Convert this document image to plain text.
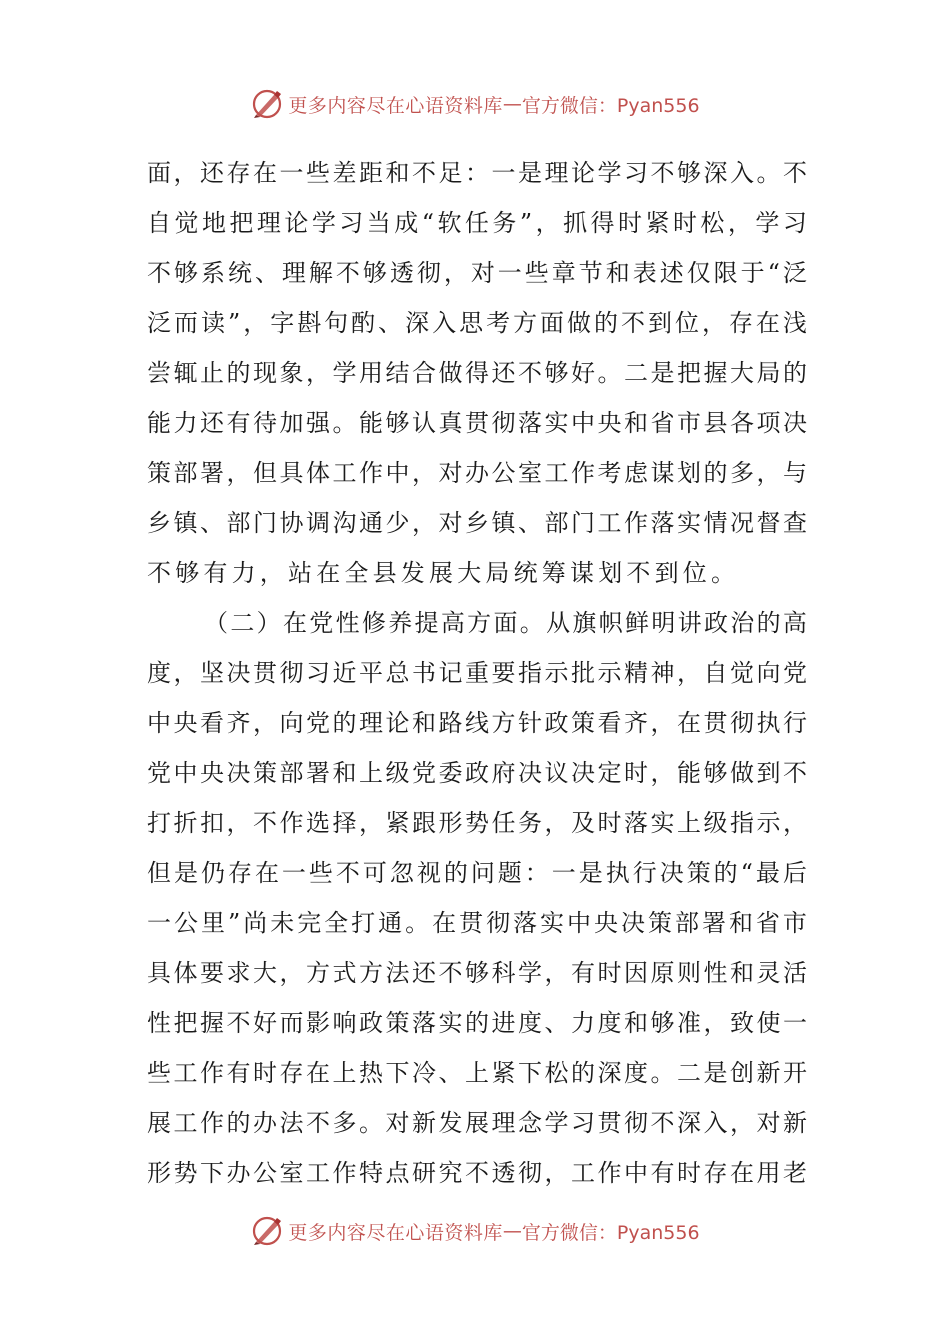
更多内容尽在心语资料库 — 官方微信：Pyan556
面 ， 还 存 在 一 些 差 距 和 不 足 ： 一 是 理 论 学 习 不 够 深 入 。 不
自 觉 地 把 理 论 学 习 当 成 “ 软 任 务 ” ， 抓 得 时 紧 时 松 ， 学 习
不 够 系 统 、 理 解 不 够 透 彻 ， 对 一 些 章 节 和 表 述 仅 限 于 “ 泛
泛 而 读 ” ， 字 斟 句 酌 、 深 入 思 考 方 面 做 的 不 到 位 ， 存 在 浅
尝 辄 止 的 现 象 ， 学 用 结 合 做 得 还 不 够 好 。 二 是 把 握 大 局 的
能 力 还 有 待 加 强 。 能 够 认 真 贯 彻 落 实 中 央 和 省 市 县 各 项 决
策 部 署 ， 但 具 体 工 作 中 ， 对 办 公 室 工 作 考 虑 谋 划 的 多 ， 与
乡 镇 、 部 门 协 调 沟 通 少 ， 对 乡 镇 、 部 门 工 作 落 实 情 况 督 查
不够有力，站在全县发展大局统筹谋划不到位。
（ 二 ） 在 党 性 修 养 提 高 方 面 。 从 旗 帜 鲜 明 讲 政 治 的 高
度 ， 坚 决 贯 彻 习 近 平 总 书 记 重 要 指 示 批 示 精 神 ， 自 觉 向 党
中 央 看 齐 ， 向 党 的 理 论 和 路 线 方 针 政 策 看 齐 ， 在 贯 彻 执 行
党 中 央 决 策 部 署 和 上 级 党 委 政 府 决 议 决 定 时 ， 能 够 做 到 不
打 折 扣 ， 不 作 选 择 ， 紧 跟 形 势 任 务 ， 及 时 落 实 上 级 指 示 ，
但 是 仍 存 在 一 些 不 可 忽 视 的 问 题 ： 一 是 执 行 决 策 的 “ 最 后
一 公 里 ” 尚 未 完 全 打 通 。 在 贯 彻 落 实 中 央 决 策 部 署 和 省 市
具 体 要 求 大 ， 方 式 方 法 还 不 够 科 学 ， 有 时 因 原 则 性 和 灵 活
性 把 握 不 好 而 影 响 政 策 落 实 的 进 度 、 力 度 和 够 准 ， 致 使 一
些 工 作 有 时 存 在 上 热 下 冷 、 上 紧 下 松 的 深 度 。 二 是 创 新 开
展 工 作 的 办 法 不 多 。 对 新 发 展 理 念 学 习 贯 彻 不 深 入 ， 对 新
形 势 下 办 公 室 工 作 特 点 研 究 不 透 彻 ， 工 作 中 有 时 存 在 用 老
更多内容尽在心语资料库 — 官方微信：Pyan556
